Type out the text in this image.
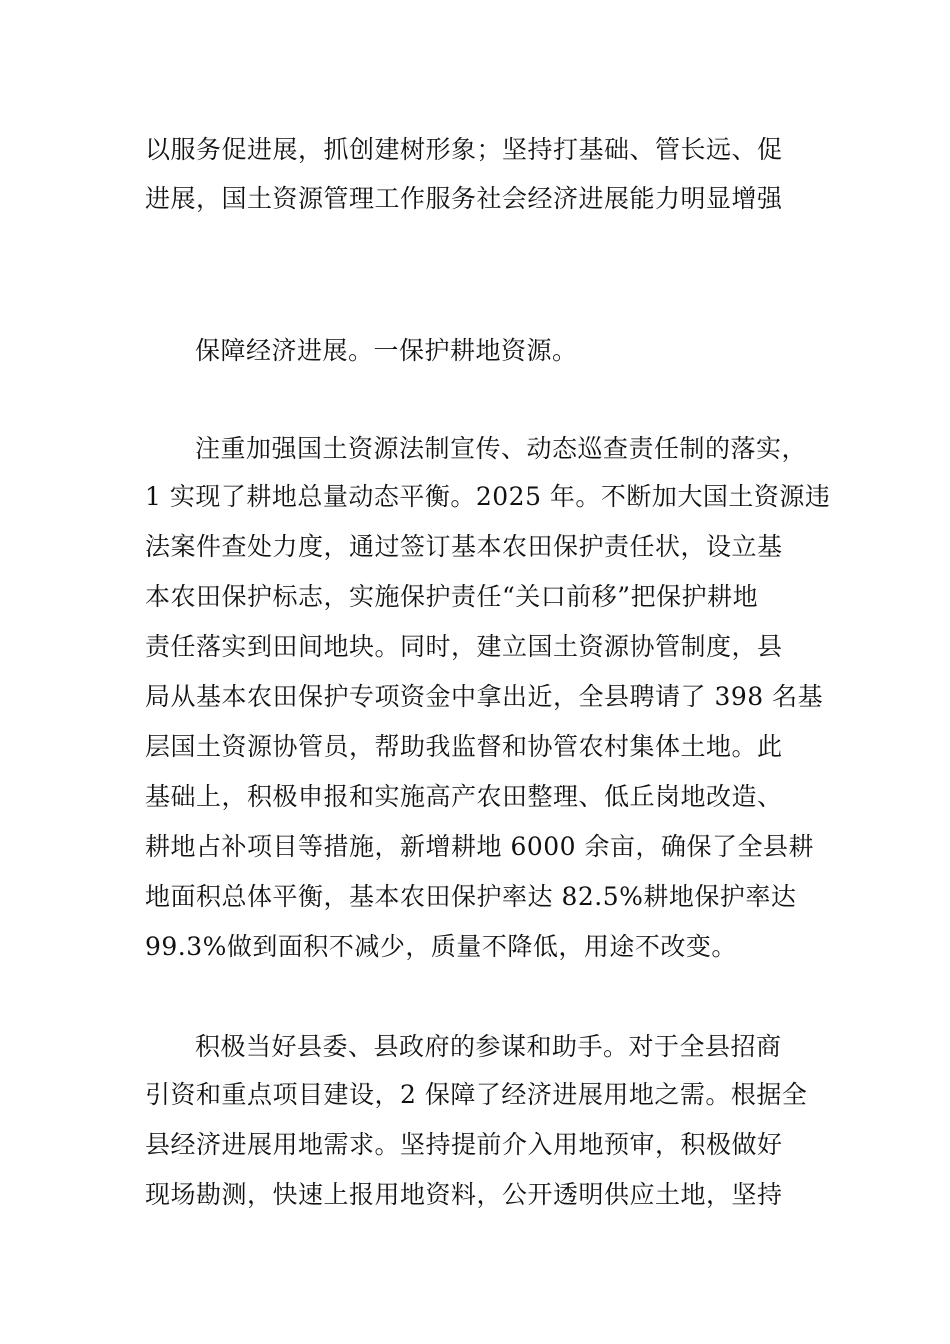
以服务促进展，抓创建树形象；坚持打基础、管长远、促
进展，国土资源管理工作服务社会经济进展能力明显增强
保障经济进展。一保护耕地资源。
注重加强国土资源法制宣传、动态巡查责任制的落实，
1 实现了耕地总量动态平衡。2025 年。不断加大国土资源违
法案件查处力度，通过签订基本农田保护责任状，设立基
本农田保护标志，实施保护责任“关口前移”把保护耕地
责任落实到田间地块。同时，建立国土资源协管制度，县
局从基本农田保护专项资金中拿出近，全县聘请了 398 名基
层国土资源协管员，帮助我监督和协管农村集体土地。此
基础上，积极申报和实施高产农田整理、低丘岗地改造、
耕地占补项目等措施，新增耕地 6000 余亩，确保了全县耕
地面积总体平衡，基本农田保护率达 82.5%耕地保护率达
99.3%做到面积不减少，质量不降低，用途不改变。
积极当好县委、县政府的参谋和助手。对于全县招商
引资和重点项目建设，2 保障了经济进展用地之需。根据全
县经济进展用地需求。坚持提前介入用地预审，积极做好
现场勘测，快速上报用地资料，公开透明供应土地，坚持
